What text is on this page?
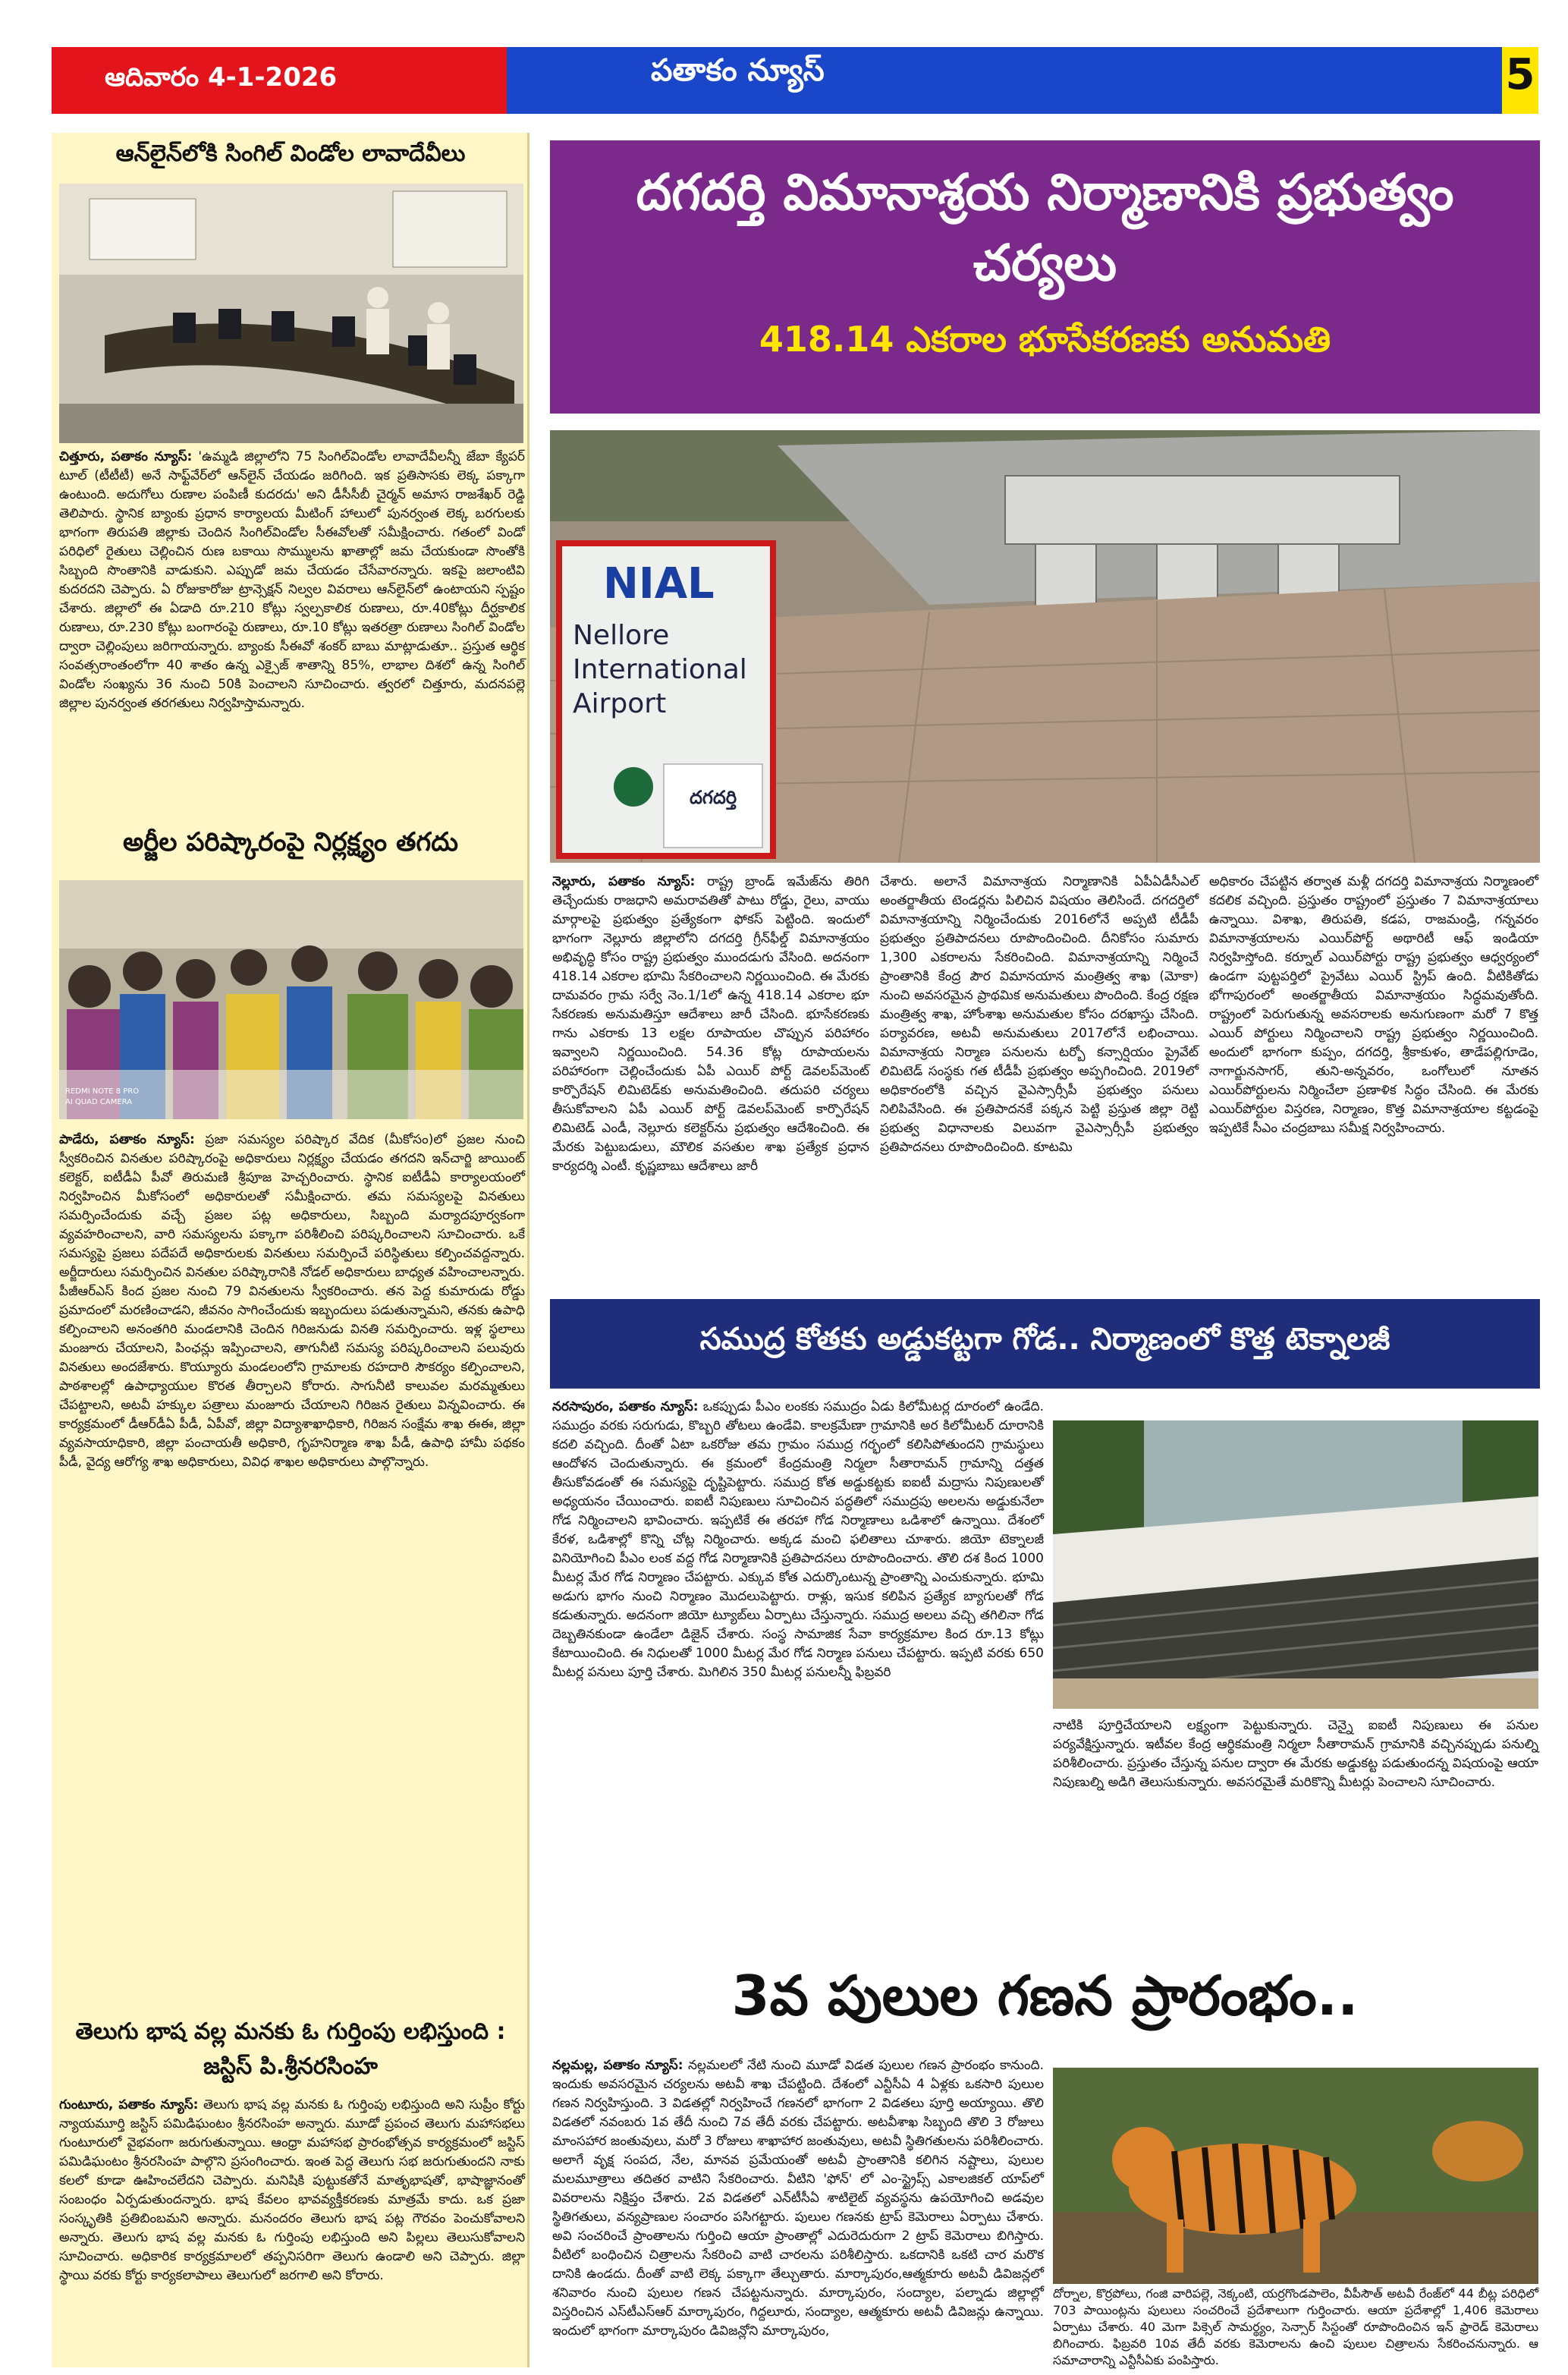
ఆదివారం 4-1-2026	పతాకం న్యూస్	5
ఆన్‌లైన్‌లోకి సింగిల్ విండోల లావాదేవీలు
చిత్తూరు, పతాకం న్యూస్: 'ఉమ్మడి జిల్లాలోని 75 సింగిల్‌విండోల లావాదేవీలన్నీ జేబా క్యేపర్ టూల్ (టీటీటీ) అనే సాఫ్ట్‌వేర్‌లో ఆన్‌లైన్ చేయడం జరిగింది. ఇక ప్రతిసాసకు లెక్క పక్కాగా ఉంటుంది. అదుగోలు రుణాల పంపిణీ కుదరదు' అని డీసీసీబీ చైర్మన్ అమాస రాజశేఖర్ రెడ్డి తెలిపారు. స్థానిక బ్యాంకు ప్రధాన కార్యాలయ మీటింగ్ హాలులో పునర్వంత లెక్క బరగులకు భాగంగా తిరుపతి జిల్లాకు చెందిన సింగిల్‌విండోల సీఈవోలతో సమీక్షించారు. గతంలో విండో పరిధిలో రైతులు చెల్లించిన రుణ బకాయి సొమ్ములను ఖాతాల్లో జమ చేయకుండా సొంతోకి సిబ్బంది సొంతానికి వాడుకుని. ఎప్పుడో జమ చేయడం చేసేవారన్నారు. ఇకపై జలాంటివి కుదరదని చెప్పారు. ఏ రోజుకారోజు ట్రాన్సెక్షన్ నిల్వల వివరాలు ఆన్‌లైన్‌లో ఉంటాయని స్పష్టం చేశారు. జిల్లాలో ఈ ఏడాది రూ.210 కోట్లు స్వల్పకాలిక రుణాలు, రూ.40కోట్లు దీర్ఘకాలిక రుణాలు, రూ.230 కోట్లు బంగారంపై రుణాలు, రూ.10 కోట్లు ఇతరత్రా రుణాలు సింగిల్ విండోల ద్వారా చెల్లింపులు జరిగాయన్నారు. బ్యాంకు సీఈవో శంకర్ బాబు మాట్లాడుతూ.. ప్రస్తుత ఆర్థిక సంవత్సరాంతంలోగా 40 శాతం ఉన్న ఎక్సైజ్ శాతాన్ని 85%, లాభాల దిశలో ఉన్న సింగిల్ విండోల సంఖ్యను 36 నుంచి 50కి పెంచాలని సూచించారు. త్వరలో చిత్తూరు, మదనపల్లె జిల్లాల పునర్వంత తరగతులు నిర్వహిస్తామన్నారు.
అర్జీల పరిష్కారంపై నిర్లక్ష్యం తగదు
REDMI NOTE 8 PRO
AI QUAD CAMERA
పాడేరు, పతాకం న్యూస్: ప్రజా సమస్యల పరిష్కార వేదిక (మీకోసం)లో ప్రజల నుంచి స్వీకరించిన వినతుల పరిష్కారంపై అధికారులు నిర్లక్ష్యం చేయడం తగదని ఇన్‌చార్జి జాయింట్ కలెక్టర్, ఐటీడీఏ పీవో తిరుమణి శ్రీపూజ హెచ్చరించారు. స్థానిక ఐటీడీఏ కార్యాలయంలో నిర్వహించిన మీకోసంలో అధికారులతో సమీక్షించారు. తమ సమస్యలపై వినతులు సమర్పించేందుకు వచ్చే ప్రజల పట్ల అధికారులు, సిబ్బంది మర్యాదపూర్వకంగా వ్యవహరించాలని, వారి సమస్యలను పక్కాగా పరిశీలించి పరిష్కరించాలని సూచించారు. ఒకే సమస్యపై ప్రజలు పదేపదే అధికారులకు వినతులు సమర్పించే పరిస్థితులు కల్పించవద్దన్నారు. అర్జీదారులు సమర్పించిన వినతుల పరిష్కారానికి నోడల్ అధికారులు బాధ్యత వహించాలన్నారు. పీజీఆర్ఎస్ కింద ప్రజల నుంచి 79 వినతులను స్వీకరించారు. తన పెద్ద కుమారుడు రోడ్డు ప్రమాదంలో మరణించాడని, జీవనం సాగించేందుకు ఇబ్బందులు పడుతున్నామని, తనకు ఉపాధి కల్పించాలని అనంతగిరి మండలానికి చెందిన గిరిజనుడు వినతి సమర్పించారు. ఇళ్ల స్థలాలు మంజూరు చేయాలని, పింఛన్లు ఇప్పించాలని, తాగునీటి సమస్య పరిష్కరించాలని పలువురు వినతులు అందజేశారు. కొయ్యూరు మండలంలోని గ్రామాలకు రహదారి సౌకర్యం కల్పించాలని, పాఠశాలల్లో ఉపాధ్యాయుల కొరత తీర్చాలని కోరారు. సాగునీటి కాలువల మరమ్మతులు చేపట్టాలని, అటవీ హక్కుల పత్రాలు మంజూరు చేయాలని గిరిజన రైతులు విన్నవించారు. ఈ కార్యక్రమంలో డీఆర్‌డీఏ పీడీ, ఏపీవో, జిల్లా విద్యాశాఖాధికారి, గిరిజన సంక్షేమ శాఖ ఈఈ, జిల్లా వ్యవసాయాధికారి, జిల్లా పంచాయతీ అధికారి, గృహనిర్మాణ శాఖ పీడీ, ఉపాధి హామీ పథకం పీడీ, వైద్య ఆరోగ్య శాఖ అధికారులు, వివిధ శాఖల అధికారులు పాల్గొన్నారు.
తెలుగు భాష వల్ల మనకు ఓ గుర్తింపు లభిస్తుంది : జస్టిస్ పి.శ్రీనరసింహ
గుంటూరు, పతాకం న్యూస్: తెలుగు భాష వల్ల మనకు ఓ గుర్తింపు లభిస్తుంది అని సుప్రీం కోర్టు న్యాయమూర్తి జస్టిస్ పమిడిఘంటం శ్రీనరసింహ అన్నారు. మూడో ప్రపంచ తెలుగు మహాసభలు గుంటూరులో వైభవంగా జరుగుతున్నాయి. ఆంధ్రా మహాసభ ప్రారంభోత్సవ కార్యక్రమంలో జస్టిస్ పమిడిఘంటం శ్రీనరసింహ పాల్గొని ప్రసంగించారు. ఇంత పెద్ద తెలుగు సభ జరుగుతుందని నాకు కలలో కూడా ఊహించలేదని చెప్పారు. మనిషికి పుట్టుకతోనే మాతృభాషతో, భాషాజ్ఞానంతో సంబంధం ఏర్పడుతుందన్నారు. భాష కేవలం భావవ్యక్తీకరణకు మాత్రమే కాదు. ఒక ప్రజా సంస్కృతికి ప్రతిబింబమని అన్నారు. మనందరం తెలుగు భాష పట్ల గౌరవం పెంచుకోవాలని అన్నారు. తెలుగు భాష వల్ల మనకు ఓ గుర్తింపు లభిస్తుంది అని పిల్లలు తెలుసుకోవాలని సూచించారు. అధికారిక కార్యక్రమాలలో తప్పనిసరిగా తెలుగు ఉండాలి అని చెప్పారు. జిల్లా స్థాయి వరకు కోర్టు కార్యకలాపాలు తెలుగులో జరగాలి అని కోరారు.
దగదర్తి విమానాశ్రయ నిర్మాణానికి ప్రభుత్వం చర్యలు
418.14 ఎకరాల భూసేకరణకు అనుమతి
NIAL
Nellore
International
Airport
దగదర్తి
నెల్లూరు, పతాకం న్యూస్: రాష్ట్ర బ్రాండ్ ఇమేజ్‌ను తిరిగి తెచ్చేందుకు రాజధాని అమరావతితో పాటు రోడ్డు, రైలు, వాయు మార్గాలపై ప్రభుత్వం ప్రత్యేకంగా ఫోకస్ పెట్టింది. ఇందులో భాగంగా నెల్లూరు జిల్లాలోని దగదర్తి గ్రీన్‌ఫీల్డ్ విమానాశ్రయం అభివృద్ధి కోసం రాష్ట్ర ప్రభుత్వం ముందడుగు వేసింది. అదనంగా 418.14 ఎకరాల భూమి సేకరించాలని నిర్ణయించింది. ఈ మేరకు దామవరం గ్రామ సర్వే నెం.1/1లో ఉన్న 418.14 ఎకరాల భూ సేకరణకు అనుమతిస్తూ ఆదేశాలు జారీ చేసింది. భూసేకరణకు గాను ఎకరాకు 13 లక్షల రూపాయల చొప్పున పరిహారం ఇవ్వాలని నిర్ణయించింది. 54.36 కోట్ల రూపాయలను పరిహారంగా చెల్లించేందుకు ఏపీ ఎయిర్ పోర్ట్ డెవలప్‌మెంట్ కార్పొరేషన్ లిమిటెడ్‌కు అనుమతించింది. తదుపరి చర్యలు తీసుకోవాలని ఏపీ ఎయిర్ పోర్ట్ డెవలప్‌మెంట్ కార్పొరేషన్ లిమిటెడ్ ఎండీ, నెల్లూరు కలెక్టర్‌ను ప్రభుత్వం ఆదేశించింది. ఈ మేరకు పెట్టుబడులు, మౌలిక వసతుల శాఖ ప్రత్యేక ప్రధాన కార్యదర్శి ఎంటీ. కృష్ణబాబు ఆదేశాలు జారీ
చేశారు. అలానే విమానాశ్రయ నిర్మాణానికి ఏపీఏడీసీఎల్ అంతర్జాతీయ టెండర్లను పిలిచిన విషయం తెలిసిందే. దగదర్తిలో విమానాశ్రయాన్ని నిర్మించేందుకు 2016లోనే అప్పటి టీడీపీ ప్రభుత్వం ప్రతిపాదనలు రూపొందించింది. దీనికోసం సుమారు 1,300 ఎకరాలను సేకరించింది. విమానాశ్రయాన్ని నిర్మించే ప్రాంతానికి కేంద్ర పౌర విమానయాన మంత్రిత్వ శాఖ (మోకా) నుంచి అవసరమైన ప్రాథమిక అనుమతులు పొందింది. కేంద్ర రక్షణ మంత్రిత్వ శాఖ, హోంశాఖ అనుమతుల కోసం దరఖాస్తు చేసింది. పర్యావరణ, అటవీ అనుమతులు 2017లోనే లభించాయి. విమానాశ్రయ నిర్మాణ పనులను టర్బో కన్సార్షియం ప్రైవేట్ లిమిటెడ్ సంస్థకు గత టీడీపీ ప్రభుత్వం అప్పగించింది. 2019లో అధికారంలోకి వచ్చిన వైఎస్సార్సీపీ ప్రభుత్వం పనులు నిలిపివేసింది. ఈ ప్రతిపాదనకే పక్కన పెట్టి ప్రస్తుత జిల్లా రెట్టి ప్రభుత్వ విధానాలకు విలువగా వైఎస్సార్సీపీ ప్రభుత్వం ప్రతిపాదనలు రూపొందించింది. కూటమి
అధికారం చేపట్టిన తర్వాత మళ్లీ దగదర్తి విమానాశ్రయ నిర్మాణంలో కదలిక వచ్చింది. ప్రస్తుతం రాష్ట్రంలో ప్రస్తుతం 7 విమానాశ్రయాలు ఉన్నాయి. విశాఖ, తిరుపతి, కడప, రాజమండ్రి, గన్నవరం విమానాశ్రయాలను ఎయిర్‌పోర్ట్ అథారిటీ ఆఫ్ ఇండియా నిర్వహిస్తోంది. కర్నూల్ ఎయిర్‌పోర్టు రాష్ట్ర ప్రభుత్వం ఆధ్వర్యంలో ఉండగా పుట్టపర్తిలో ప్రైవేటు ఎయిర్ స్ట్రిప్ ఉంది. వీటికితోడు భోగాపురంలో అంతర్జాతీయ విమానాశ్రయం సిద్ధమవుతోంది. రాష్ట్రంలో పెరుగుతున్న అవసరాలకు అనుగుణంగా మరో 7 కొత్త ఎయిర్ పోర్టులు నిర్మించాలని రాష్ట్ర ప్రభుత్వం నిర్ణయించింది. అందులో భాగంగా కుప్పం, దగదర్తి, శ్రీకాకుళం, తాడేపల్లిగూడెం, నాగార్జునసాగర్, తుని-అన్నవరం, ఒంగోలులో నూతన ఎయిర్‌పోర్టులను నిర్మించేలా ప్రణాళిక సిద్ధం చేసింది. ఈ మేరకు ఎయిర్‌పోర్టుల విస్తరణ, నిర్మాణం, కొత్త విమానాశ్రయాల కట్టడంపై ఇప్పటికే సీఎం చంద్రబాబు సమీక్ష నిర్వహించారు.
సముద్ర కోతకు అడ్డుకట్టగా గోడ.. నిర్మాణంలో కొత్త టెక్నాలజీ
నరసాపురం, పతాకం న్యూస్: ఒకప్పుడు పీఎం లంకకు సముద్రం ఏడు కిలోమీటర్ల దూరంలో ఉండేది. సముద్రం వరకు సరుగుడు, కొబ్బరి తోటలు ఉండేవి. కాలక్రమేణా గ్రామానికి అర కిలోమీటర్ దూరానికి కదలి వచ్చింది. దీంతో ఏటా ఒకరోజు తమ గ్రామం సముద్ర గర్భంలో కలిసిపోతుందని గ్రామస్థులు ఆందోళన చెందుతున్నారు. ఈ క్రమంలో కేంద్రమంత్రి నిర్మలా సీతారామన్ గ్రామాన్ని దత్తత తీసుకోవడంతో ఈ సమస్యపై దృష్టిపెట్టారు. సముద్ర కోత అడ్డుకట్టకు ఐఐటీ మద్రాసు నిపుణులతో అధ్యయనం చేయించారు. ఐఐటీ నిపుణులు సూచించిన పద్ధతిలో సముద్రపు అలలను అడ్డుకునేలా గోడ నిర్మించాలని భావించారు. ఇప్పటికే ఈ తరహా గోడ నిర్మాణాలు ఒడిశాలో ఉన్నాయి. దేశంలో కేరళ, ఒడిశాల్లో కొన్ని చోట్ల నిర్మించారు. అక్కడ మంచి ఫలితాలు చూశారు. జియో టెక్నాలజీ వినియోగించి పీఎం లంక వద్ద గోడ నిర్మాణానికి ప్రతిపాదనలు రూపొందించారు. తొలి దశ కింద 1000 మీటర్ల మేర గోడ నిర్మాణం చేపట్టారు. ఎక్కువ కోత ఎదుర్కొంటున్న ప్రాంతాన్ని ఎంచుకున్నారు. భూమి అడుగు భాగం నుంచి నిర్మాణం మొదలుపెట్టారు. రాళ్లు, ఇసుక కలిపిన ప్రత్యేక బ్యాగులతో గోడ కడుతున్నారు. అదనంగా జియో ట్యూబ్‌లు ఏర్పాటు చేస్తున్నారు. సముద్ర అలలు వచ్చి తగిలినా గోడ దెబ్బతినకుండా ఉండేలా డిజైన్ చేశారు. సంస్థ సామాజిక సేవా కార్యక్రమాల కింద రూ.13 కోట్లు కేటాయించింది. ఈ నిధులతో 1000 మీటర్ల మేర గోడ నిర్మాణ పనులు చేపట్టారు. ఇప్పటి వరకు 650 మీటర్ల పనులు పూర్తి చేశారు. మిగిలిన 350 మీటర్ల పనులన్నీ ఫిబ్రవరి
నాటికి పూర్తిచేయాలని లక్ష్యంగా పెట్టుకున్నారు. చెన్నై ఐఐటీ నిపుణులు ఈ పనుల పర్యవేక్షిస్తున్నారు. ఇటీవల కేంద్ర ఆర్థికమంత్రి నిర్మలా సీతారామన్ గ్రామానికి వచ్చినప్పుడు పనుల్ని పరిశీలించారు. ప్రస్తుతం చేస్తున్న పనుల ద్వారా ఈ మేరకు అడ్డుకట్ట పడుతుందన్న విషయంపై ఆయా నిపుణుల్ని అడిగి తెలుసుకున్నారు. అవసరమైతే మరికొన్ని మీటర్లు పెంచాలని సూచించారు.
3వ పులుల గణన ప్రారంభం..
నల్లమల్ల, పతాకం న్యూస్: నల్లమలలో నేటి నుంచి మూడో విడత పులుల గణన ప్రారంభం కానుంది. ఇందుకు అవసరమైన చర్యలను అటవీ శాఖ చేపట్టింది. దేశంలో ఎన్టీసీఏ 4 ఏళ్లకు ఒకసారి పులుల గణన నిర్వహిస్తుంది. 3 విడతల్లో నిర్వహించే గణనలో భాగంగా 2 విడతలు పూర్తి అయ్యాయి. తొలి విడతలో నవంబరు 1వ తేదీ నుంచి 7వ తేదీ వరకు చేపట్టారు. అటవీశాఖ సిబ్బంది తొలి 3 రోజులు మాంసహార జంతువులు, మరో 3 రోజులు శాఖాహార జంతువులు, అటవీ స్థితిగతులను పరిశీలించారు. అలాగే వృక్ష సంపద, నేల, మానవ ప్రమేయంతో అటవీ ప్రాంతానికి కలిగిన నష్టాలు, పులుల మలమూత్రాలు తదితర వాటిని సేకరించారు. వీటిని 'ఫోన్' లో ఎం-స్ట్రైప్స్ ఎకాలజికల్ యాప్‌లో వివరాలను నిక్షిప్తం చేశారు. 2వ విడతలో ఎన్‌టీసీఏ శాటిలైట్ వ్యవస్థను ఉపయోగించి అడవుల స్థితిగతులు, వన్యప్రాణుల సంచారం పసిగట్టారు. పులుల గణనకు ట్రాప్ కెమెరాలు ఏర్పాటు చేశారు. అవి సంచరించే ప్రాంతాలను గుర్తించి ఆయా ప్రాంతాల్లో ఎదురెదురుగా 2 ట్రాప్ కెమెరాలు బిగిస్తారు. వీటిలో బంధించిన చిత్రాలను సేకరించి వాటి చారలను పరిశీలిస్తారు. ఒకదానికి ఒకటి చార మరొక దానికి ఉండదు. దీంతో వాటి లెక్క పక్కాగా తేల్చుతారు. మార్కాపురం,ఆత్మకూరు అటవీ డివిజన్లలో శనివారం నుంచి పులుల గణన చేపట్టనున్నారు. మార్కాపురం, సంద్యాల, పల్నాడు జిల్లాల్లో విస్తరించిన ఎస్‌టీఎస్‌ఆర్ మార్కాపురం, గిద్దలూరు, సంద్యాల, ఆత్మకూరు అటవీ డివిజన్లు ఉన్నాయి. ఇందులో భాగంగా మార్కాపురం డివిజన్లోని మార్కాపురం,
దోర్నాల, కొర్రపోలు, గంజి వారిపల్లె, నెక్కంటి, యర్రగొండపాలెం, వీపీసౌత్ అటవీ రేంజ్‌లో 44 బీట్ల పరిధిలో 703 పాయింట్లను పులులు సంచరించే ప్రదేశాలుగా గుర్తించారు. ఆయా ప్రదేశాల్లో 1,406 కెమెరాలు ఏర్పాటు చేశారు. 40 మెగా పిక్సెల్ సామర్థ్యం, సెన్సార్ సిస్టంతో రూపొందించిన ఇన్ ఫ్రారెడ్ కెమెరాలు బిగించారు. ఫిబ్రవరి 10వ తేదీ వరకు కెమెరాలను ఉంచి పులుల చిత్రాలను సేకరించనున్నారు. ఆ సమాచారాన్ని ఎన్టీసీఏకు పంపిస్తారు.
